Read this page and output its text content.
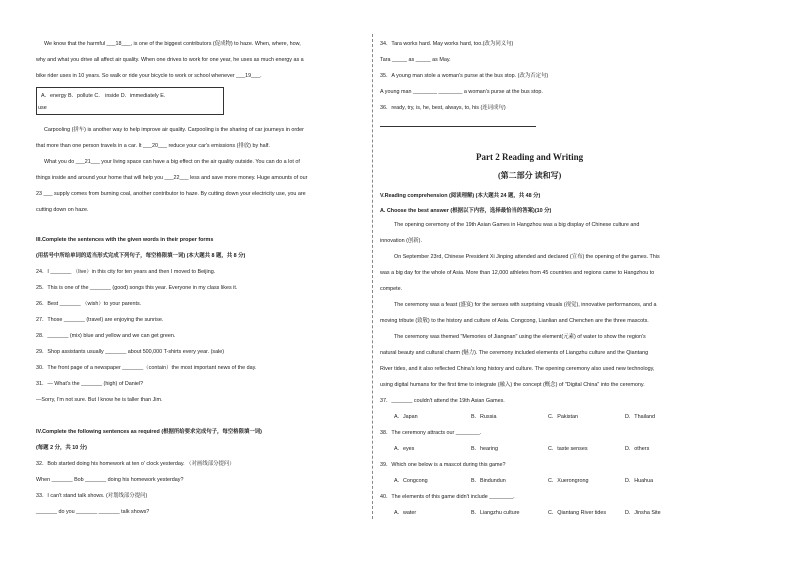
We know that the harmful ___18___, is one of the biggest contributors (促成物) to haze. When, where, how,
why and what you drive all affect air quality. When one drives to work for one year, he uses as much energy as a
bike rider uses in 10 years. So walk or ride your bicycle to work or school whenever ___19___.
A．energy B．pollute C． inside D．immediately E.
use
Carpooling (拼车) is another way to help improve air quality. Carpooling is the sharing of car journeys in order
that more than one person travels in a car. It ___20___ reduce your car's emissions (排放) by half.
What you do ___21___ your living space can have a big effect on the air quality outside. You can do a lot of
things inside and around your home that will help you ___22___ less and save more money. Huge amounts of our
23 ___ supply comes from burning coal, another contributor to haze. By cutting down your electricity use, you are
cutting down on haze.
III.Complete the sentences with the given words in their proper forms
(用括号中所给单词的适当形式完成下列句子，每空格限填一词) (本大题共 8 题，共 8 分)
24．I _______ （live）in this city for ten years and then I moved to Beijing.
25．This is one of the _______ (good) songs this year. Everyone in my class likes it.
26．Best _______ （wish）to your parents.
27．Those _______ (travel) are enjoying the sunrise.
28．_______ (mix) blue and yellow and we can get green.
29．Shop assistants usually _______ about 500,000 T-shirts every year. (sale)
30．The front page of a newspaper _______（contain）the most important news of the day.
31．— What's the _______ (high) of Daniel?
—Sorry, I'm not sure. But I know he is taller than Jim.
IV.Complete the following sentences as required (根据所给要求完成句子，每空格限填一词)
(每题 2 分，共 10 分)
32．Bob started doing his homework at ten o' clock yesterday. （对画线部分提问）
When _______ Bob _______ doing his homework yesterday?
33．I can't stand talk shows. (对划线部分提问)
_______ do you _______ _______ talk shows?
34．Tara works hard. May works hard, too.(改为同义句)
Tara _____ as _____ as May.
35．A young man stole a woman's purse at the bus stop. (改为否定句)
A young man ________ ________ a woman's purse at the bus stop.
36．ready, try, is, he, best, always, to, his (连词成句)
Part 2 Reading and Writing
(第二部分 读和写)
V.Reading comprehension (阅读理解) (本大题共 24 题，共 48 分)
A. Choose the best answer (根据以下内容，选择最恰当的答案)(10 分)
The opening ceremony of the 19th Asian Games in Hangzhou was a big display of Chinese culture and
innovation (创新).
On September 23rd, Chinese President Xi Jinping attended and declared (宣布) the opening of the games. This
was a big day for the whole of Asia. More than 12,000 athletes from 45 countries and regions came to Hangzhou to
compete.
The ceremony was a feast (盛宴) for the senses with surprising visuals (视觉), innovative performances, and a
moving tribute (致敬) to the history and culture of Asia. Congcong, Lianlian and Chenchen are the three mascots.
The ceremony was themed "Memories of Jiangnan" using the element(元素) of water to show the region's
natural beauty and cultural charm (魅力). The ceremony included elements of Liangzhu culture and the Qiantang
River tides, and it also reflected China's long history and culture. The opening ceremony also used new technology,
using digital humans for the first time to integrate (融入) the concept (概念) of "Digital China" into the ceremony.
37．_______ couldn't attend the 19th Asian Games.
A．Japan	B．Russia	C．Pakistan	D．Thailand
38．The ceremony attracts our ________.
A．eyes	B．hearing	C．taste senses	D．others
39．Which one below is a mascot during this game?
A．Congcong	B．Bindundun	C．Xuerongrong	D．Huahua
40．The elements of this game didn't include ________.
A．water	B．Liangzhu culture	C．Qiantang River tides	D．Jinsha Site
